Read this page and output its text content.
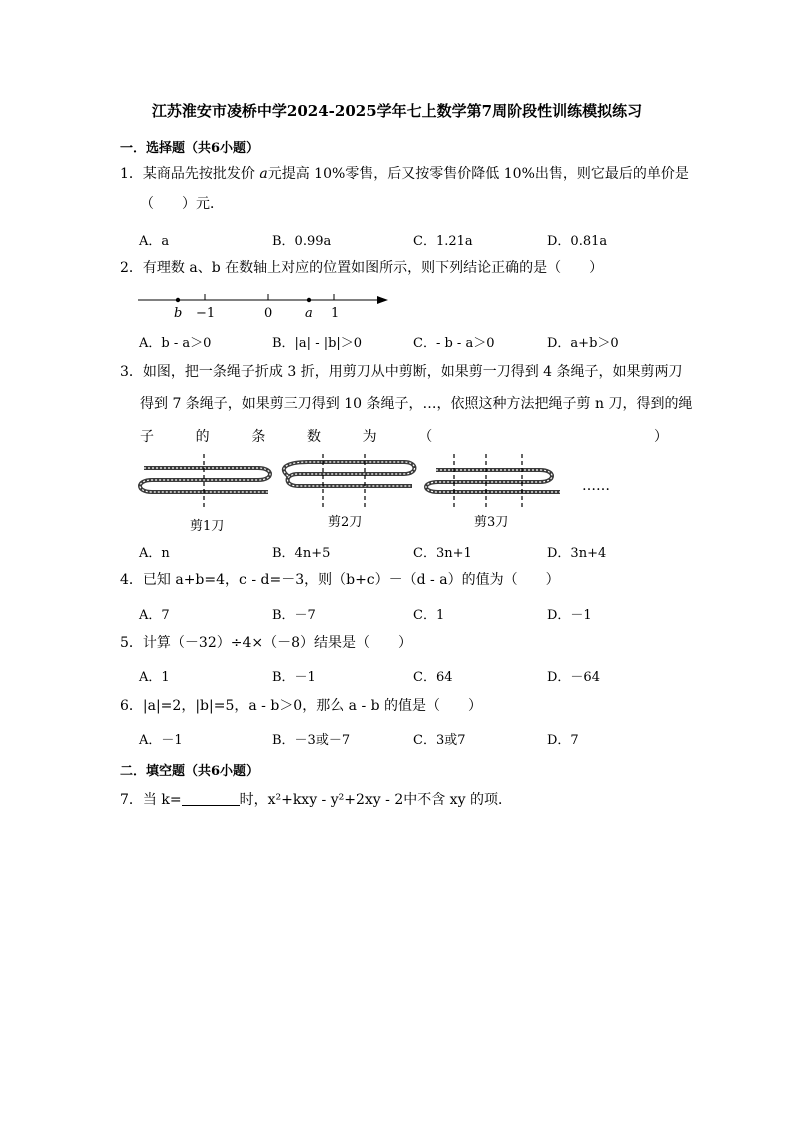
江苏淮安市凌桥中学2024-2025学年七上数学第7周阶段性训练模拟练习
一．选择题（共6小题）
1．某商品先按批发价 a元提高 10%零售，后又按零售价降低 10%出售，则它最后的单价是
（　　）元．
A．a	B．0.99a	C．1.21a	D．0.81a
2．有理数 a、b 在数轴上对应的位置如图所示，则下列结论正确的是（　　）
b −1	0	a 1
A．b - a＞0	B．|a| - |b|＞0	C．- b - a＞0	D．a+b＞0
3．如图，把一条绳子折成 3 折，用剪刀从中剪断，如果剪一刀得到 4 条绳子，如果剪两刀
得到 7 条绳子，如果剪三刀得到 10 条绳子，…，依照这种方法把绳子剪 n 刀，得到的绳
子	的	条	数	为	（	）
剪1刀	剪2刀	剪3刀
……
A．n	B．4n+5	C．3n+1	D．3n+4
4．已知 a+b=4，c - d=－3，则（b+c）－（d - a）的值为（　　）
A．7	B．－7	C．1	D．－1
5．计算（－32）÷4×（－8）结果是（　　）
A．1	B．－1	C．64	D．－64
6．|a|=2，|b|=5，a - b＞0，那么 a - b 的值是（　　）
A．－1	B．－3或－7	C．3或7	D．7
二．填空题（共6小题）
7．当 k=	时，x²+kxy - y²+2xy - 2中不含 xy 的项．
